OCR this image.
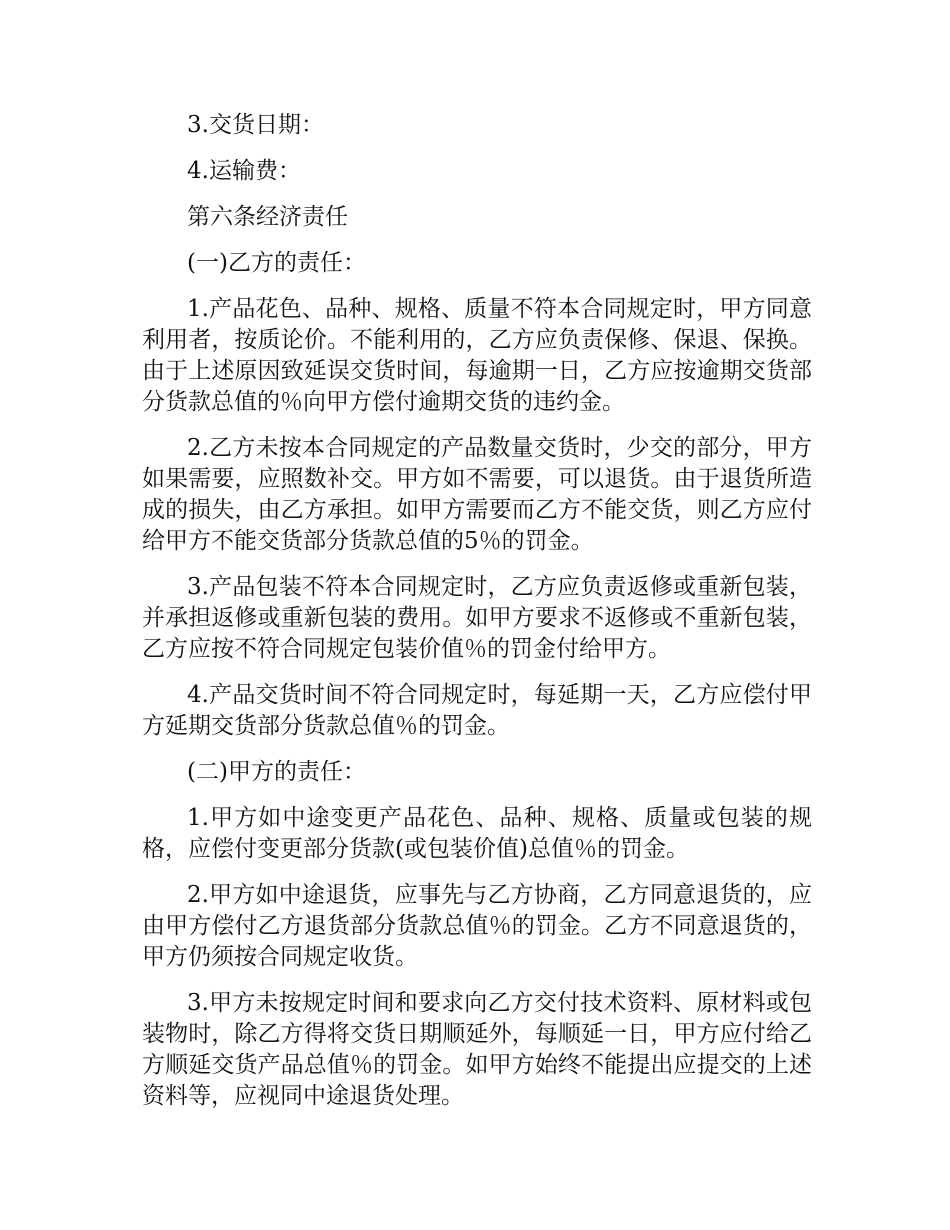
3.交货日期：

4.运输费：

第六条经济责任

(一)乙方的责任：

1.产品花色、品种、规格、质量不符本合同规定时，甲方同意利用者，按质论价。不能利用的，乙方应负责保修、保退、保换。由于上述原因致延误交货时间，每逾期一日，乙方应按逾期交货部分货款总值的％向甲方偿付逾期交货的违约金。

2.乙方未按本合同规定的产品数量交货时，少交的部分，甲方如果需要，应照数补交。甲方如不需要，可以退货。由于退货所造成的损失，由乙方承担。如甲方需要而乙方不能交货，则乙方应付给甲方不能交货部分货款总值的5％的罚金。

3.产品包装不符本合同规定时，乙方应负责返修或重新包装，并承担返修或重新包装的费用。如甲方要求不返修或不重新包装，乙方应按不符合同规定包装价值％的罚金付给甲方。

4.产品交货时间不符合同规定时，每延期一天，乙方应偿付甲方延期交货部分货款总值％的罚金。

(二)甲方的责任：

1.甲方如中途变更产品花色、品种、规格、质量或包装的规格，应偿付变更部分货款(或包装价值)总值％的罚金。

2.甲方如中途退货，应事先与乙方协商，乙方同意退货的，应由甲方偿付乙方退货部分货款总值％的罚金。乙方不同意退货的，甲方仍须按合同规定收货。

3.甲方未按规定时间和要求向乙方交付技术资料、原材料或包装物时，除乙方得将交货日期顺延外，每顺延一日，甲方应付给乙方顺延交货产品总值％的罚金。如甲方始终不能提出应提交的上述资料等，应视同中途退货处理。
